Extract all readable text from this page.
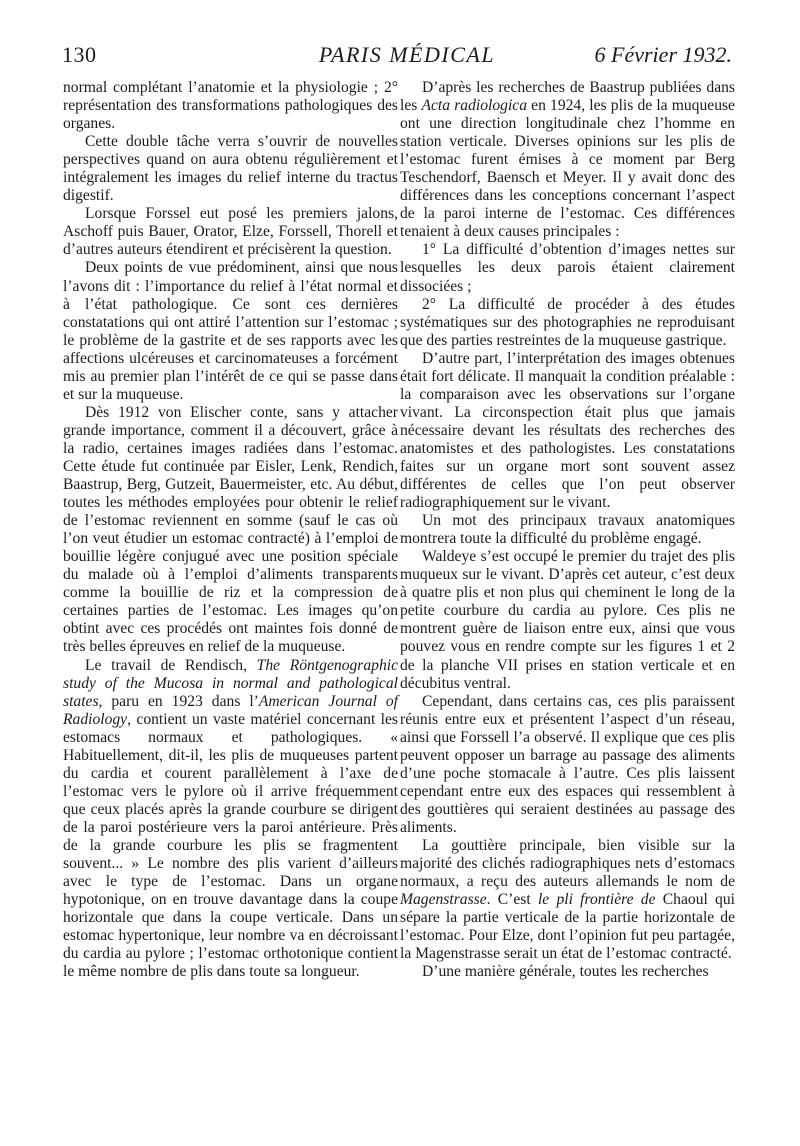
130	PARIS MÉDICAL	6 Février 1932.

normal complétant l’anatomie et la physiologie ; 2° représentation des transformations pathologiques des organes.

Cette double tâche verra s’ouvrir de nouvelles perspectives quand on aura obtenu régulièrement et intégralement les images du relief interne du tractus digestif.

Lorsque Forssel eut posé les premiers jalons, Aschoff puis Bauer, Orator, Elze, Forssell, Thorell et d’autres auteurs étendirent et précisèrent la question.

Deux points de vue prédominent, ainsi que nous l’avons dit : l’importance du relief à l’état normal et à l’état pathologique. Ce sont ces dernières constatations qui ont attiré l’attention sur l’estomac ; le problème de la gastrite et de ses rapports avec les affections ulcéreuses et carcinomateuses a forcément mis au premier plan l’intérêt de ce qui se passe dans et sur la muqueuse.

Dès 1912 von Elischer conte, sans y attacher grande importance, comment il a découvert, grâce à la radio, certaines images radiées dans l’estomac. Cette étude fut continuée par Eisler, Lenk, Rendich, Baastrup, Berg, Gutzeit, Bauermeister, etc. Au début, toutes les méthodes employées pour obtenir le relief de l’estomac reviennent en somme (sauf le cas où l’on veut étudier un estomac contracté) à l’emploi de bouillie légère conjugué avec une position spéciale du malade où à l’emploi d’aliments transparents comme la bouillie de riz et la compression de certaines parties de l’estomac. Les images qu’on obtint avec ces procédés ont maintes fois donné de très belles épreuves en relief de la muqueuse.

Le travail de Rendisch, The Röntgenographic study of the Mucosa in normal and pathological states, paru en 1923 dans l’American Journal of Radiology, contient un vaste matériel concernant les estomacs normaux et pathologiques. « Habituellement, dit-il, les plis de muqueuses partent du cardia et courent parallèlement à l’axe de l’estomac vers le pylore où il arrive fréquemment que ceux placés après la grande courbure se dirigent de la paroi postérieure vers la paroi antérieure. Près de la grande courbure les plis se fragmentent souvent... » Le nombre des plis varient d’ailleurs avec le type de l’estomac. Dans un organe hypotonique, on en trouve davantage dans la coupe horizontale que dans la coupe verticale. Dans un estomac hypertonique, leur nombre va en décroissant du cardia au pylore ; l’estomac orthotonique contient le même nombre de plis dans toute sa longueur.

D’après les recherches de Baastrup publiées dans les Acta radiologica en 1924, les plis de la muqueuse ont une direction longitudinale chez l’homme en station verticale. Diverses opinions sur les plis de l’estomac furent émises à ce moment par Berg Teschendorf, Baensch et Meyer. Il y avait donc des différences dans les conceptions concernant l’aspect de la paroi interne de l’estomac. Ces différences tenaient à deux causes principales :

1° La difficulté d’obtention d’images nettes sur lesquelles les deux parois étaient clairement dissociées ;

2° La difficulté de procéder à des études systématiques sur des photographies ne reproduisant que des parties restreintes de la muqueuse gastrique.

D’autre part, l’interprétation des images obtenues était fort délicate. Il manquait la condition préalable : la comparaison avec les observations sur l’organe vivant. La circonspection était plus que jamais nécessaire devant les résultats des recherches des anatomistes et des pathologistes. Les constatations faites sur un organe mort sont souvent assez différentes de celles que l’on peut observer radiographiquement sur le vivant.

Un mot des principaux travaux anatomiques montrera toute la difficulté du problème engagé.

Waldeye s’est occupé le premier du trajet des plis muqueux sur le vivant. D’après cet auteur, c’est deux à quatre plis et non plus qui cheminent le long de la petite courbure du cardia au pylore. Ces plis ne montrent guère de liaison entre eux, ainsi que vous pouvez vous en rendre compte sur les figures 1 et 2 de la planche VII prises en station verticale et en décubitus ventral.

Cependant, dans certains cas, ces plis paraissent réunis entre eux et présentent l’aspect d’un réseau, ainsi que Forssell l’a observé. Il explique que ces plis peuvent opposer un barrage au passage des aliments d’une poche stomacale à l’autre. Ces plis laissent cependant entre eux des espaces qui ressemblent à des gouttières qui seraient destinées au passage des aliments.

La gouttière principale, bien visible sur la majorité des clichés radiographiques nets d’estomacs normaux, a reçu des auteurs allemands le nom de Magenstrasse. C’est le pli frontière de Chaoul qui sépare la partie verticale de la partie horizontale de l’estomac. Pour Elze, dont l’opinion fut peu partagée, la Magenstrasse serait un état de l’estomac contracté.

D’une manière générale, toutes les recherches
